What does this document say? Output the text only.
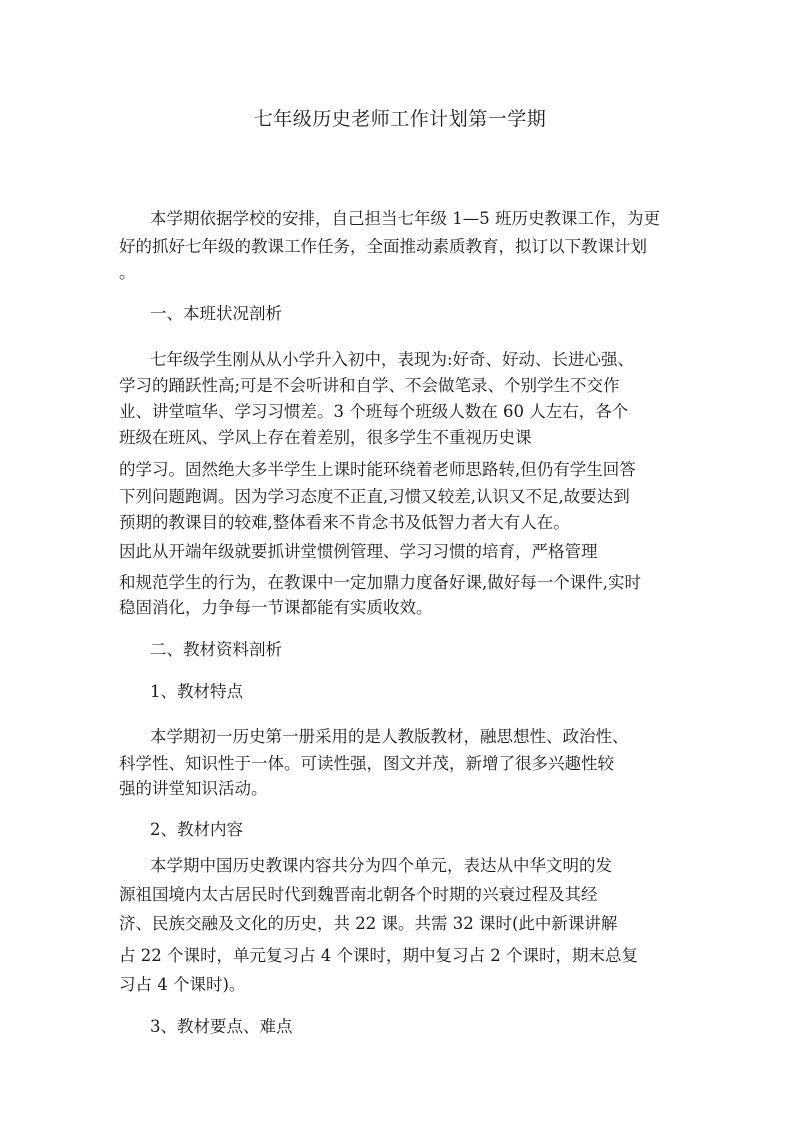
七年级历史老师工作计划第一学期
本学期依据学校的安排，自己担当七年级 1—5 班历史教课工作，为更
好的抓好七年级的教课工作任务，全面推动素质教育，拟订以下教课计划
。
一、本班状况剖析
七年级学生刚从从小学升入初中，表现为:好奇、好动、长进心强、
学习的踊跃性高;可是不会听讲和自学、不会做笔录、个别学生不交作
业、讲堂喧华、学习习惯差。3 个班每个班级人数在 60 人左右，各个
班级在班风、学风上存在着差别，很多学生不重视历史课
的学习。固然绝大多半学生上课时能环绕着老师思路转,但仍有学生回答
下列问题跑调。因为学习态度不正直,习惯又较差,认识又不足,故要达到
预期的教课目的较难,整体看来不肯念书及低智力者大有人在。
因此从开端年级就要抓讲堂惯例管理、学习习惯的培育，严格管理
和规范学生的行为，在教课中一定加鼎力度备好课,做好每一个课件,实时
稳固消化，力争每一节课都能有实质收效。
二、教材资料剖析
1、教材特点
本学期初一历史第一册采用的是人教版教材，融思想性、政治性、
科学性、知识性于一体。可读性强，图文并茂，新增了很多兴趣性较
强的讲堂知识活动。
2、教材内容
本学期中国历史教课内容共分为四个单元，表达从中华文明的发
源祖国境内太古居民时代到魏晋南北朝各个时期的兴衰过程及其经
济、民族交融及文化的历史，共 22 课。共需 32 课时(此中新课讲解
占 22 个课时，单元复习占 4 个课时，期中复习占 2 个课时，期末总复
习占 4 个课时)。
3、教材要点、难点
